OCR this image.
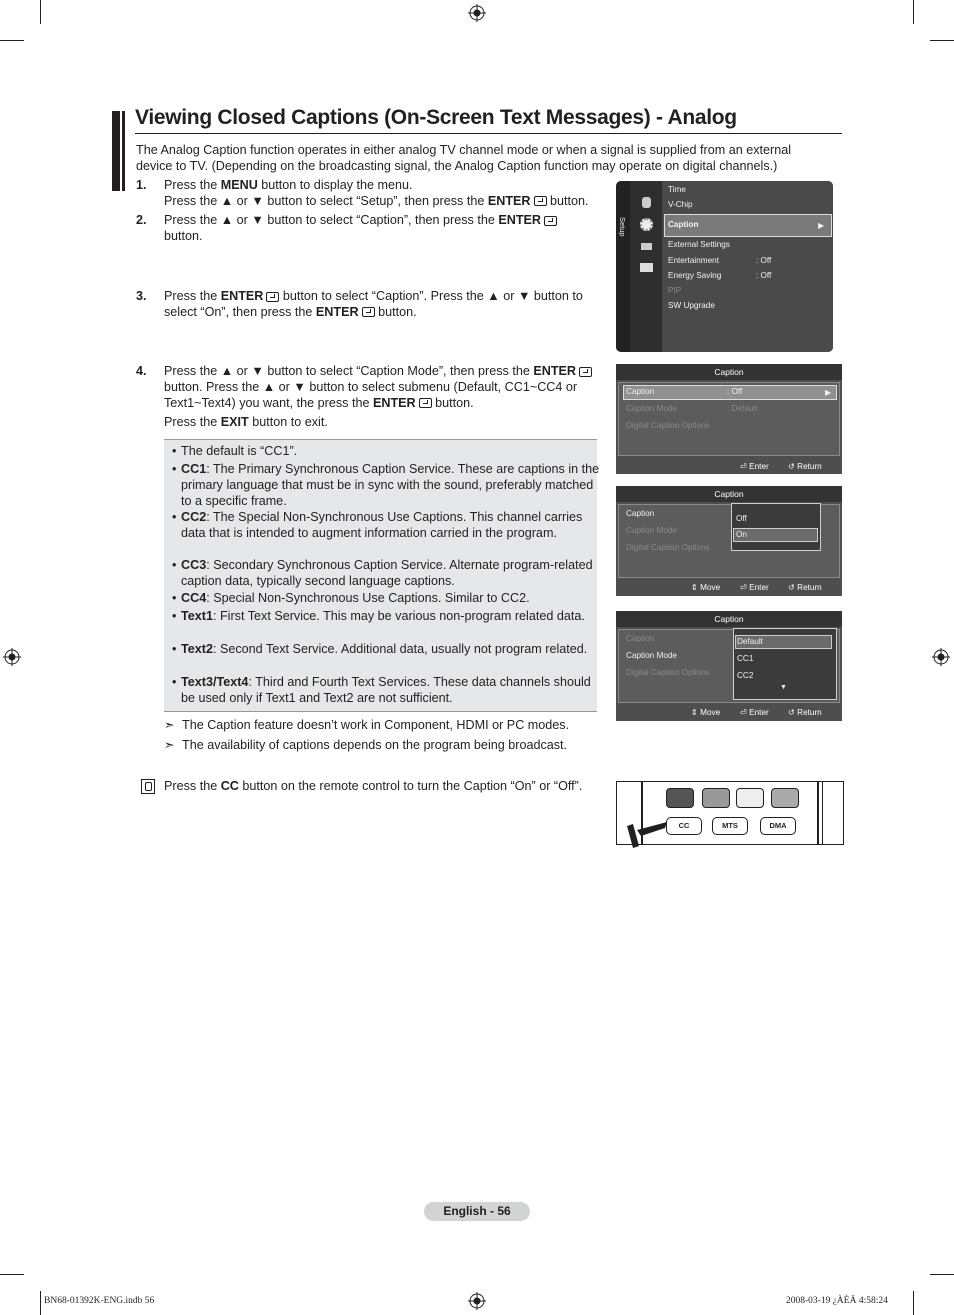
Viewing Closed Captions (On-Screen Text Messages) - Analog
The Analog Caption function operates in either analog TV channel mode or when a signal is supplied from an external device to TV. (Depending on the broadcasting signal, the Analog Caption function may operate on digital channels.)
1. Press the MENU button to display the menu.
Press the ▲ or ▼ button to select “Setup”, then press the ENTER button.
2. Press the ▲ or ▼ button to select “Caption”, then press the ENTER
button.
3. Press the ENTER button to select “Caption”. Press the ▲ or ▼ button to select “On”, then press the ENTER button.
4. Press the ▲ or ▼ button to select “Caption Mode”, then press the ENTER button. Press the ▲ or ▼ button to select submenu (Default, CC1~CC4 or Text1~Text4) you want, the press the ENTER button.
Press the EXIT button to exit.
• The default is “CC1”.
• CC1: The Primary Synchronous Caption Service. These are captions in the primary language that must be in sync with the sound, preferably matched to a specific frame.
• CC2: The Special Non-Synchronous Use Captions. This channel carries data that is intended to augment information carried in the program.
• CC3: Secondary Synchronous Caption Service. Alternate program-related caption data, typically second language captions.
• CC4: Special Non-Synchronous Use Captions. Similar to CC2.
• Text1: First Text Service. This may be various non-program related data.
• Text2: Second Text Service. Additional data, usually not program related.
• Text3/Text4: Third and Fourth Text Services. These data channels should be used only if Text1 and Text2 are not sufficient.
➣ The Caption feature doesn’t work in Component, HDMI or PC modes.
➣ The availability of captions depends on the program being broadcast.
Press the CC button on the remote control to turn the Caption “On” or “Off”.
Setup
Time
V-Chip
Caption	▶
External Settings
Entertainment	: Off
Energy Saving	: Off
PIP
SW Upgrade
Caption
Caption	: Off	▶
Caption Mode	: Default
Digital Caption Options
⏎ Enter ↺ Return
Caption
Caption
Caption Mode
Digital Caption Options
Off
On
⇕ Move ⏎ Enter ↺ Return
Caption
Caption
Caption Mode
Digital Caption Options
Default
CC1
CC2
▼
⇕ Move ⏎ Enter ↺ Return
CC	MTS	DMA
English - 56
BN68-01392K-ENG.indb 56	2008-03-19 ¿ÀÈÄ 4:58:24
